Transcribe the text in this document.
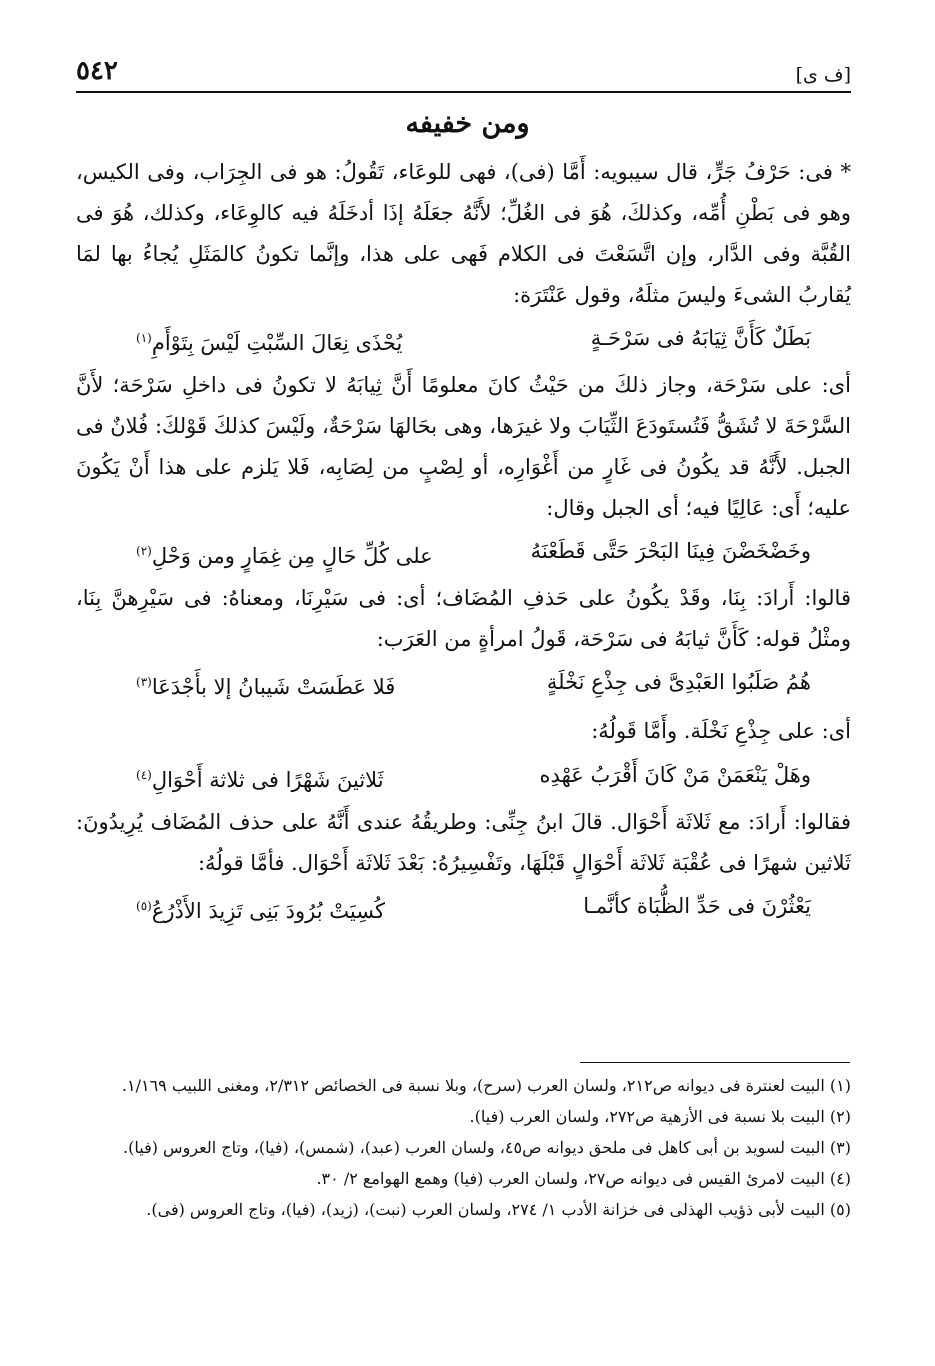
٥٤٢	[ف ى]
ومن خفيفه
* فى: حَرْفُ جَرٍّ، قال سيبويه: أَمَّا (فى)، فهى للوعَاء، تَقُولُ: هو فى الجِرَاب، وفى الكيس، وهو فى بَطْنِ أُمِّه، وكذلكَ، هُوَ فى الغُلِّ؛ لأَنَّهُ جعَلَهُ إذَا أدخَلَهُ فيه كالوِعَاء، وكذلك، هُوَ فى القُبَّة وفى الدَّار، وإن اتَّسَعْتَ فى الكلام فَهى على هذا، وإنَّما تكونُ كالمَثَلِ يُجاءُ بها لمَا يُقاربُ الشىءَ وليسَ مثلَهُ، وقول عَنْتَرَة:
بَطَلٌ كَأَنَّ ثِيَابَهُ فى سَرْحَـةٍ
يُحْذَى نِعَالَ السِّبْتِ لَيْسَ بِتَوْأَمِ$^{(١)}$
أى: على سَرْحَة، وجاز ذلكَ من حَيْثُ كانَ معلومًا أَنَّ ثِيابَهُ لا تكونُ فى داخلِ سَرْحَة؛ لأَنَّ السَّرْحَةَ لا تُشَقُّ فَتُستَودَعَ الثِّيَابَ ولا غيرَها، وهى بحَالهَا سَرْحَةٌ، ولَيْسَ كذلكَ قَوْلكَ: فُلانٌ فى الجبل. لأَنَّهُ قد يكُونُ فى غَارٍ من أَغْوَارِه، أو لِصْبٍ من لِصَابِه، فَلا يَلزم على هذا أَنْ يَكُونَ عليه؛ أَى: عَالِيًا فيه؛ أى الجبل وقال:
وخَضْخَضْنَ فِينَا البَحْرَ حَتَّى قَطَعْنَهُ
على كُلِّ حَالٍ مِن غِمَارٍ ومن وَحْلِ$^{(٢)}$
قالوا: أَرادَ: بِنَا، وقَدْ يكُونُ على حَذفِ المُضَاف؛ أى: فى سَيْرِنَا، ومعناهُ: فى سَيْرِهنَّ بِنَا، ومثْلُ قوله: كَأَنَّ ثيابَهُ فى سَرْحَة، قَولُ امرأةٍ من العَرَب:
هُمُ صَلَبُوا العَبْدِىَّ فى جِذْعِ نَخْلَةٍ
فَلا عَطَسَتْ شَيبانُ إلا بأَجْدَعَا$^{(٣)}$
أى: على جِذْعِ نَخْلَة. وأَمَّا قَولُهُ:
وهَلْ يَنْعَمَنْ مَنْ كَانَ أَقْرَبُ عَهْدِه
ثَلاثينَ شَهْرًا فى ثلاثة أَحْوَالِ$^{(٤)}$
فقالوا: أَرادَ: مع ثَلاثَة أَحْوَال. قالَ ابنُ جِنِّى: وطريقُهُ عندى أَنَّهُ على حذف المُضَاف يُرِيدُونَ: ثَلاثين شهرًا فى عُقْبَة ثَلاثَة أَحْوَالٍ قَبْلَهَا، وتَفْسِيرُهُ: بَعْدَ ثَلاثَة أَحْوَال. فأمَّا قولُهُ:
يَعْثُرْنَ فى حَدِّ الظُّبَاة كأنَّمـا
كُسِيَتْ بُرُودَ بَنِى تَزِيدَ الأَذْرُعُ$^{(٥)}$
(١) البيت لعنترة فى ديوانه ص٢١٢، ولسان العرب (سرح)، وبلا نسبة فى الخصائص ٢/٣١٢، ومغنى اللبيب ١/١٦٩.
(٢) البيت بلا نسبة فى الأزهية ص٢٧٢، ولسان العرب (فيا).
(٣) البيت لسويد بن أبى كاهل فى ملحق ديوانه ص٤٥، ولسان العرب (عبد)، (شمس)، (فيا)، وتاج العروس (فيا).
(٤) البيت لامرئ القيس فى ديوانه ص٢٧، ولسان العرب (فيا) وهمع الهوامع ٢/ ٣٠.
(٥) البيت لأبى ذؤيب الهذلى فى خزانة الأدب ١/ ٢٧٤، ولسان العرب (نبت)، (زيد)، (فيا)، وتاج العروس (فى).
